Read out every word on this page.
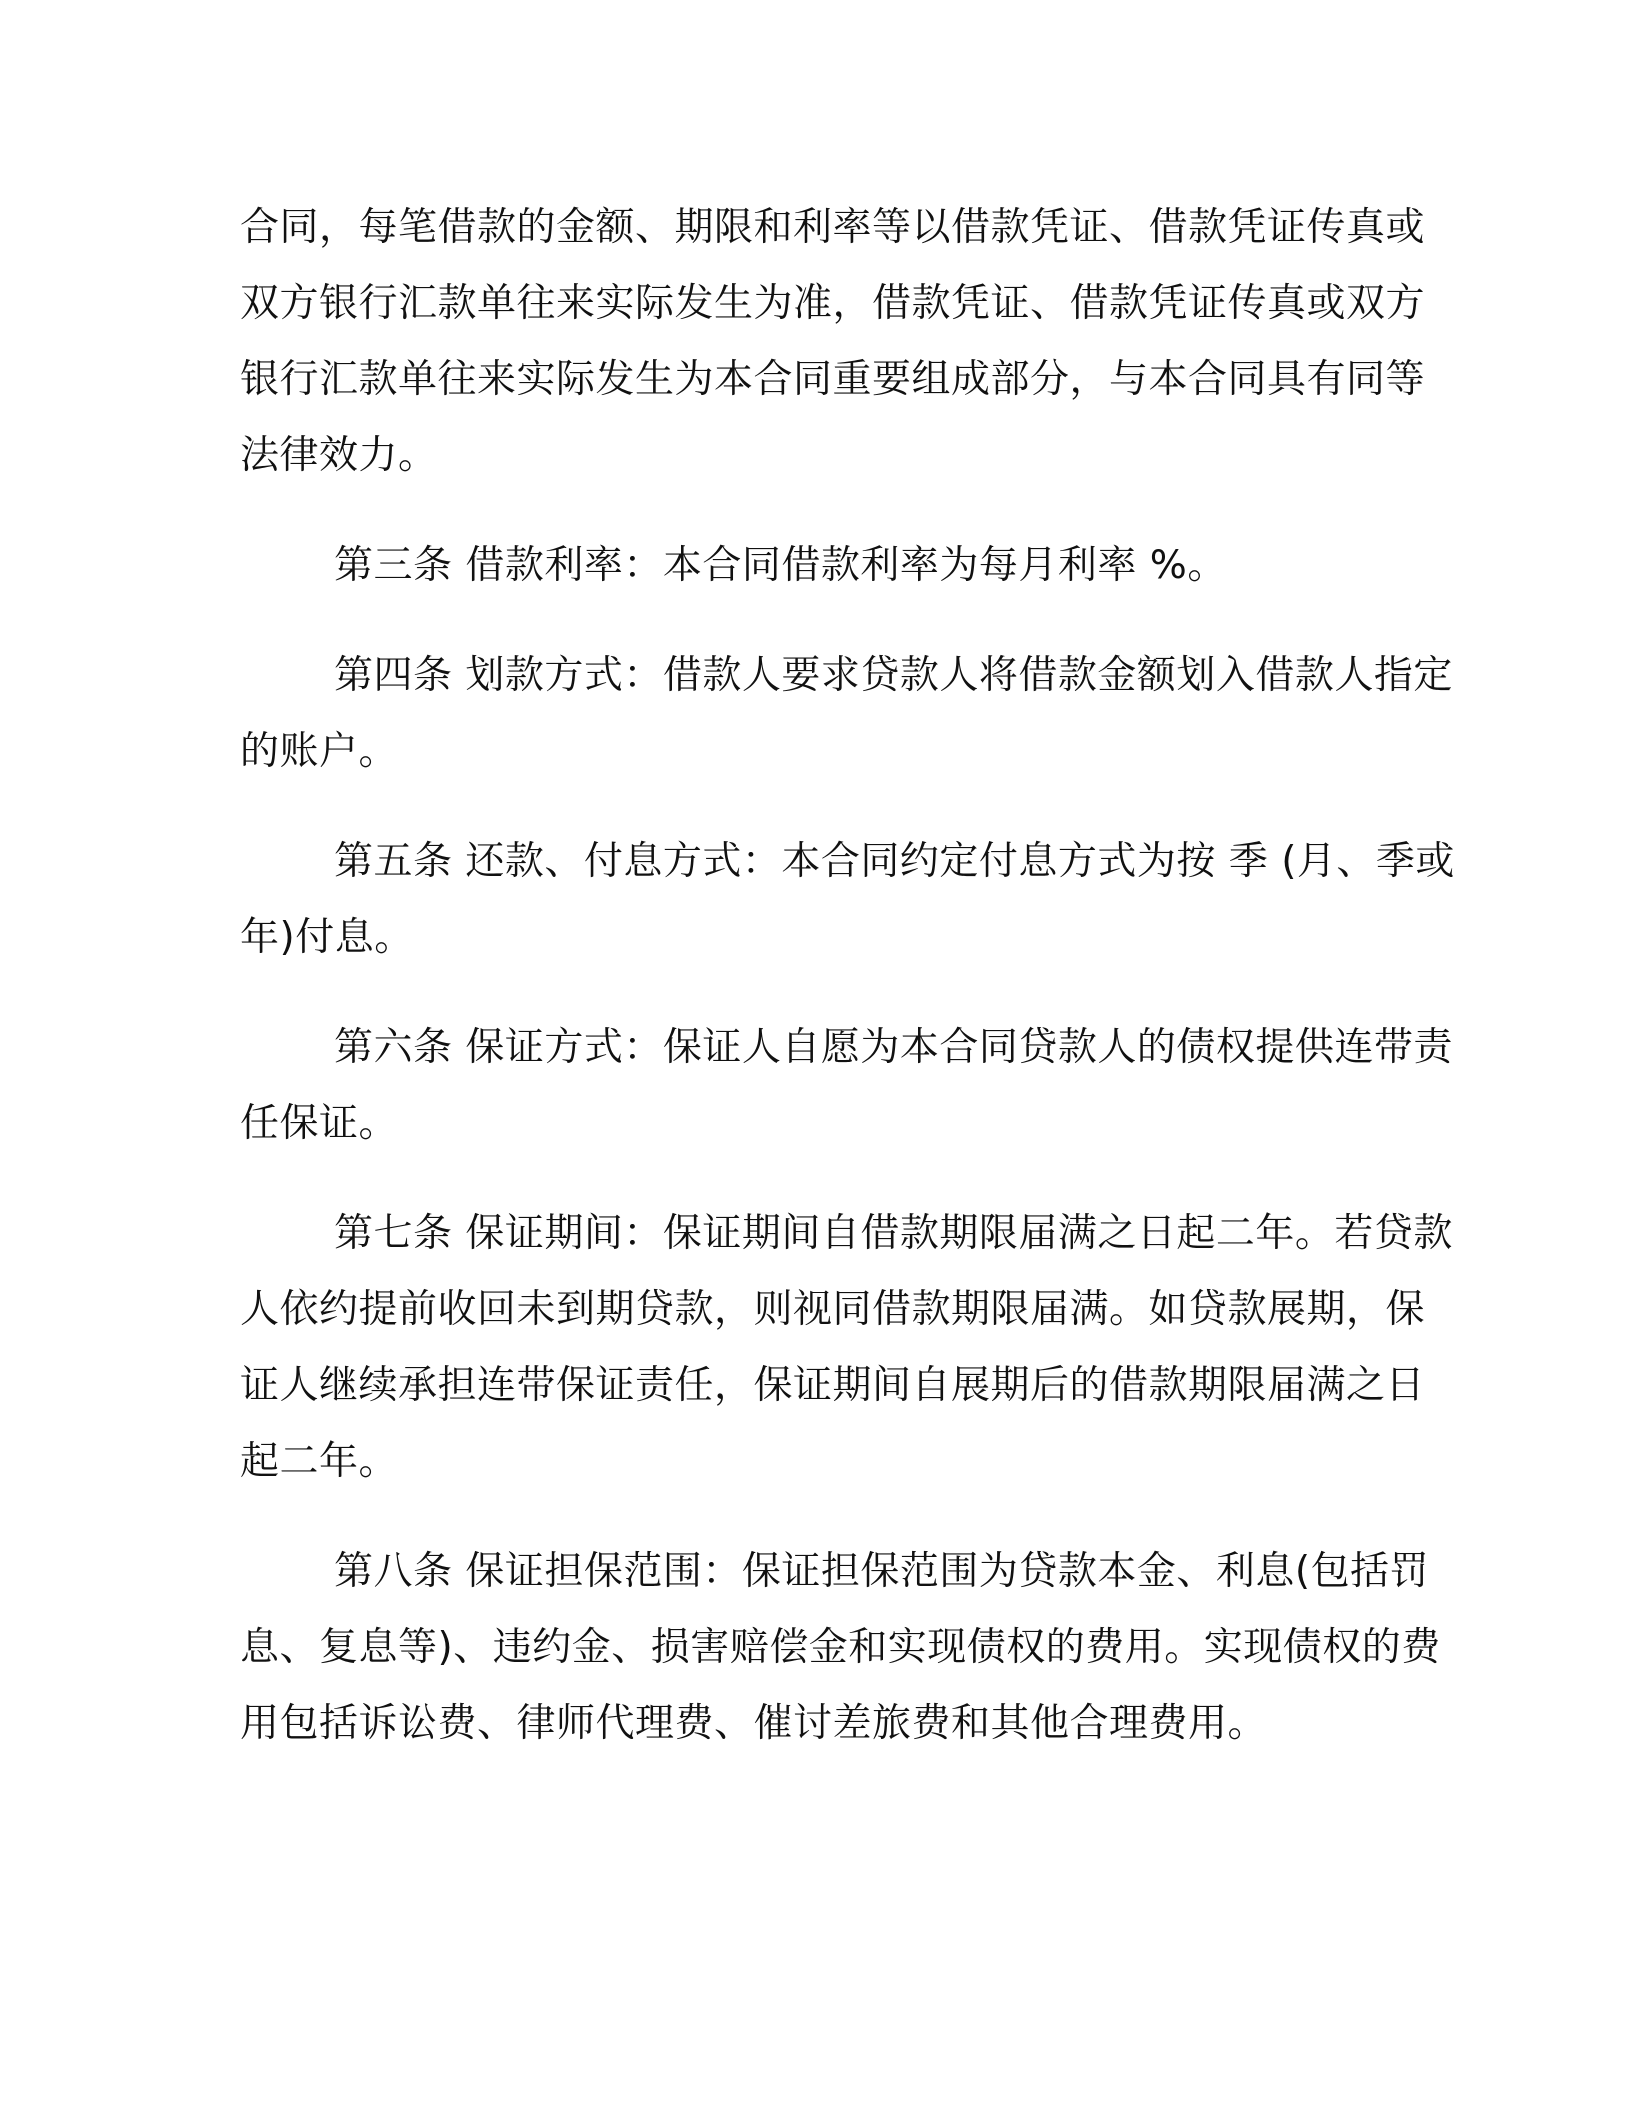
合同，每笔借款的金额、期限和利率等以借款凭证、借款凭证传真或
双方银行汇款单往来实际发生为准，借款凭证、借款凭证传真或双方
银行汇款单往来实际发生为本合同重要组成部分，与本合同具有同等
法律效力。

第三条 借款利率：本合同借款利率为每月利率 %。

第四条 划款方式：借款人要求贷款人将借款金额划入借款人指定
的账户。

第五条 还款、付息方式：本合同约定付息方式为按 季 (月、季或
年)付息。

第六条 保证方式：保证人自愿为本合同贷款人的债权提供连带责
任保证。

第七条 保证期间：保证期间自借款期限届满之日起二年。若贷款
人依约提前收回未到期贷款，则视同借款期限届满。如贷款展期，保
证人继续承担连带保证责任，保证期间自展期后的借款期限届满之日
起二年。

第八条 保证担保范围：保证担保范围为贷款本金、利息(包括罚
息、复息等)、违约金、损害赔偿金和实现债权的费用。实现债权的费
用包括诉讼费、律师代理费、催讨差旅费和其他合理费用。
